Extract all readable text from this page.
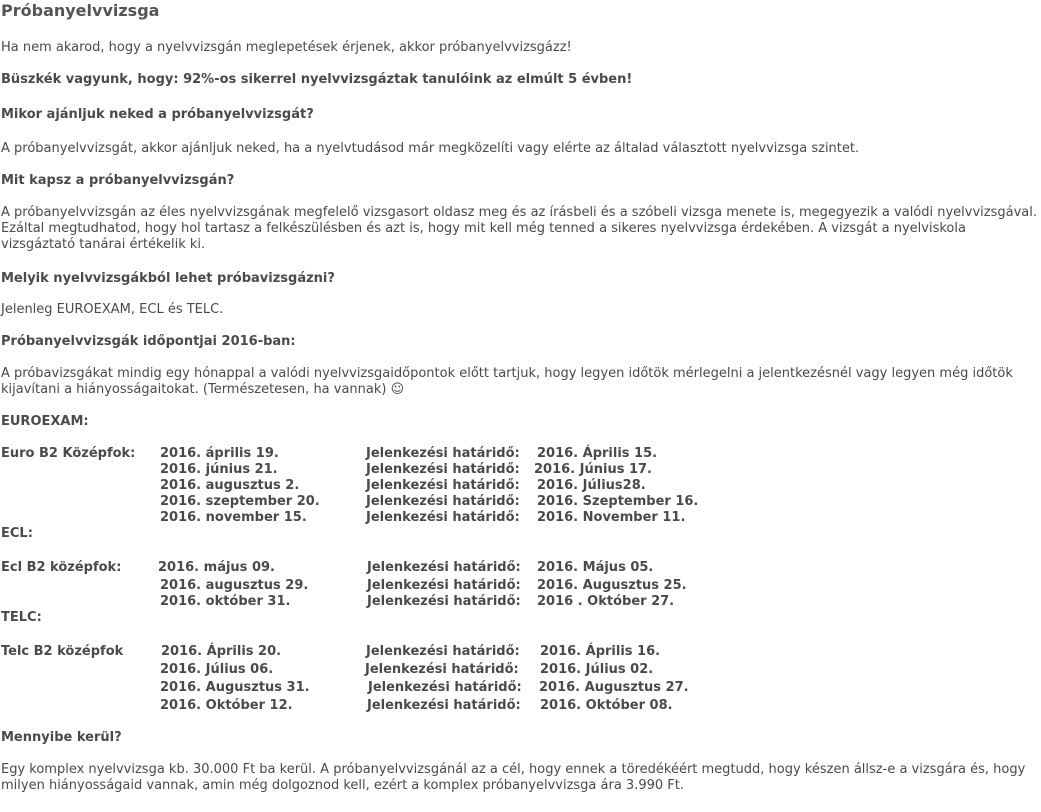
Próbanyelvvizsga

Ha nem akarod, hogy a nyelvvizsgán meglepetések érjenek, akkor próbanyelvvizsgázz!

Büszkék vagyunk, hogy: 92%-os sikerrel nyelvvizsgáztak tanulóink az elmúlt 5 évben!

Mikor ajánljuk neked a próbanyelvvizsgát?

A próbanyelvvizsgát, akkor ajánljuk neked, ha a nyelvtudásod már megközelíti vagy elérte az általad választott nyelvvizsga szintet.

Mit kapsz a próbanyelvvizsgán?

A próbanyelvvizsgán az éles nyelvvizsgának megfelelő vizsgasort oldasz meg és az írásbeli és a szóbeli vizsga menete is, megegyezik a valódi nyelvvizsgával. Ezáltal megtudhatod, hogy hol tartasz a felkészülésben és azt is, hogy mit kell még tenned a sikeres nyelvvizsga érdekében. A vizsgát a nyelviskola vizsgáztató tanárai értékelik ki.

Melyik nyelvvizsgákból lehet próbavizsgázni?

Jelenleg EUROEXAM, ECL és TELC.

Próbanyelvvizsgák időpontjai 2016-ban:

A próbavizsgákat mindig egy hónappal a valódi nyelvvizsgaidőpontok előtt tartjuk, hogy legyen időtök mérlegelni a jelentkezésnél vagy legyen még időtök kijavítani a hiányosságaitokat. (Természetesen, ha vannak) ☺

EUROEXAM:

Euro B2 Középfok: 2016. április 19.	Jelenkezési határidő: 2016. Április 15.
2016. június 21.	Jelenkezési határidő: 2016. Június 17.
2016. augusztus 2.	Jelenkezési határidő: 2016. Július28.
2016. szeptember 20.	Jelenkezési határidő: 2016. Szeptember 16.
2016. november 15.	Jelenkezési határidő: 2016. November 11.

ECL:

Ecl B2 középfok:	2016. május 09.	Jelenkezési határidő: 2016. Május 05.
2016. augusztus 29.	Jelenkezési határidő: 2016. Augusztus 25.
2016. október 31.	Jelenkezési határidő: 2016 . Október 27.

TELC:

Telc B2 középfok	2016. Április 20.	Jelenkezési határidő: 2016. Április 16.
2016. Július 06.	Jelenkezési határidő: 2016. Július 02.
2016. Augusztus 31.	Jelenkezési határidő: 2016. Augusztus 27.
2016. Október 12.	Jelenkezési határidő: 2016. Október 08.

Mennyibe kerül?

Egy komplex nyelvvizsga kb. 30.000 Ft ba kerül. A próbanyelvvizsgánál az a cél, hogy ennek a töredékéért megtudd, hogy készen állsz-e a vizsgára és, hogy milyen hiányosságaid vannak, amin még dolgoznod kell, ezért a komplex próbanyelvvizsga ára 3.990 Ft.
